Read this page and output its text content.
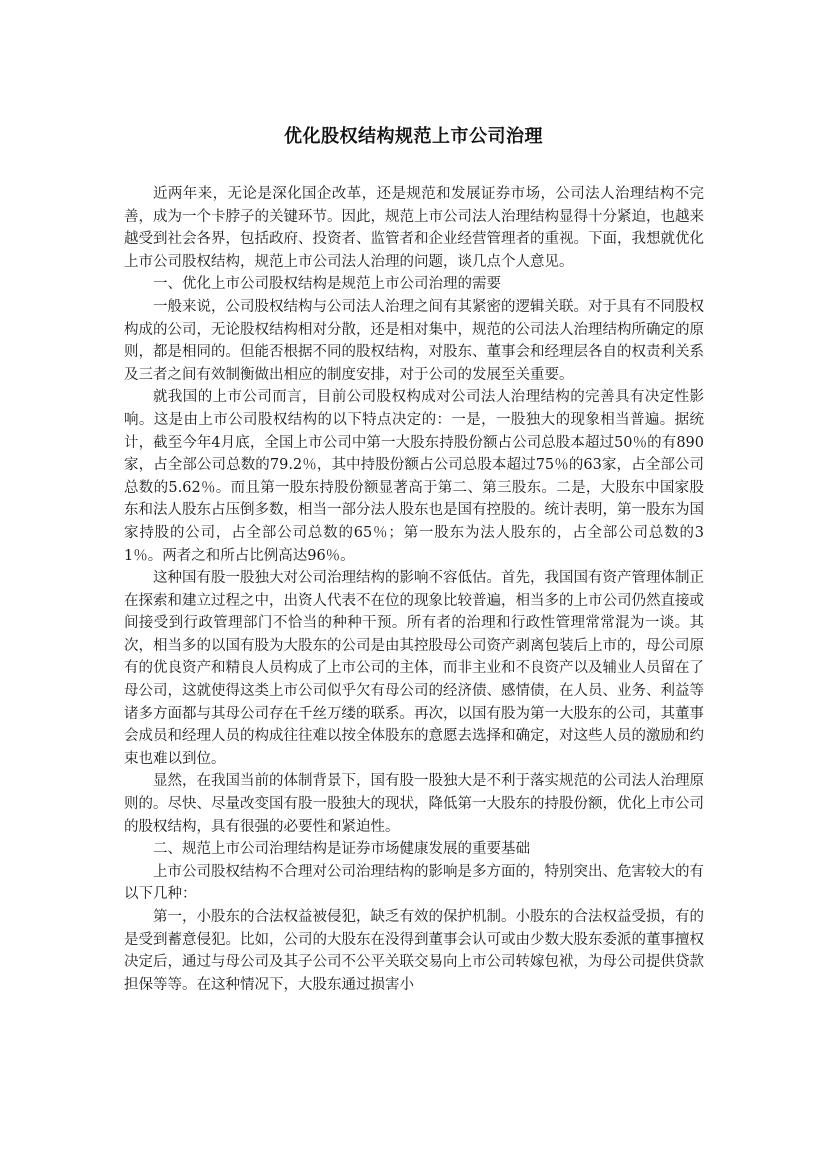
优化股权结构规范上市公司治理

近两年来，无论是深化国企改革，还是规范和发展证券市场，公司法人治理结构不完善，成为一个卡脖子的关键环节。因此，规范上市公司法人治理结构显得十分紧迫，也越来越受到社会各界，包括政府、投资者、监管者和企业经营管理者的重视。下面，我想就优化上市公司股权结构，规范上市公司法人治理的问题，谈几点个人意见。

一、优化上市公司股权结构是规范上市公司治理的需要

一般来说，公司股权结构与公司法人治理之间有其紧密的逻辑关联。对于具有不同股权构成的公司，无论股权结构相对分散，还是相对集中，规范的公司法人治理结构所确定的原则，都是相同的。但能否根据不同的股权结构，对股东、董事会和经理层各自的权责利关系及三者之间有效制衡做出相应的制度安排，对于公司的发展至关重要。

就我国的上市公司而言，目前公司股权构成对公司法人治理结构的完善具有决定性影响。这是由上市公司股权结构的以下特点决定的：一是，一股独大的现象相当普遍。据统计，截至今年4月底，全国上市公司中第一大股东持股份额占公司总股本超过50％的有890家，占全部公司总数的79.2％，其中持股份额占公司总股本超过75％的63家，占全部公司总数的5.62％。而且第一股东持股份额显著高于第二、第三股东。二是，大股东中国家股东和法人股东占压倒多数，相当一部分法人股东也是国有控股的。统计表明，第一股东为国家持股的公司，占全部公司总数的65％；第一股东为法人股东的，占全部公司总数的31％。两者之和所占比例高达96％。

这种国有股一股独大对公司治理结构的影响不容低估。首先，我国国有资产管理体制正在探索和建立过程之中，出资人代表不在位的现象比较普遍，相当多的上市公司仍然直接或间接受到行政管理部门不恰当的种种干预。所有者的治理和行政性管理常常混为一谈。其次，相当多的以国有股为大股东的公司是由其控股母公司资产剥离包装后上市的，母公司原有的优良资产和精良人员构成了上市公司的主体，而非主业和不良资产以及辅业人员留在了母公司，这就使得这类上市公司似乎欠有母公司的经济债、感情债，在人员、业务、利益等诸多方面都与其母公司存在千丝万缕的联系。再次，以国有股为第一大股东的公司，其董事会成员和经理人员的构成往往难以按全体股东的意愿去选择和确定，对这些人员的激励和约束也难以到位。

显然，在我国当前的体制背景下，国有股一股独大是不利于落实规范的公司法人治理原则的。尽快、尽量改变国有股一股独大的现状，降低第一大股东的持股份额，优化上市公司的股权结构，具有很强的必要性和紧迫性。

二、规范上市公司治理结构是证券市场健康发展的重要基础

上市公司股权结构不合理对公司治理结构的影响是多方面的，特别突出、危害较大的有以下几种：

第一，小股东的合法权益被侵犯，缺乏有效的保护机制。小股东的合法权益受损，有的是受到蓄意侵犯。比如，公司的大股东在没得到董事会认可或由少数大股东委派的董事擅权决定后，通过与母公司及其子公司不公平关联交易向上市公司转嫁包袱，为母公司提供贷款担保等等。在这种情况下，大股东通过损害小
